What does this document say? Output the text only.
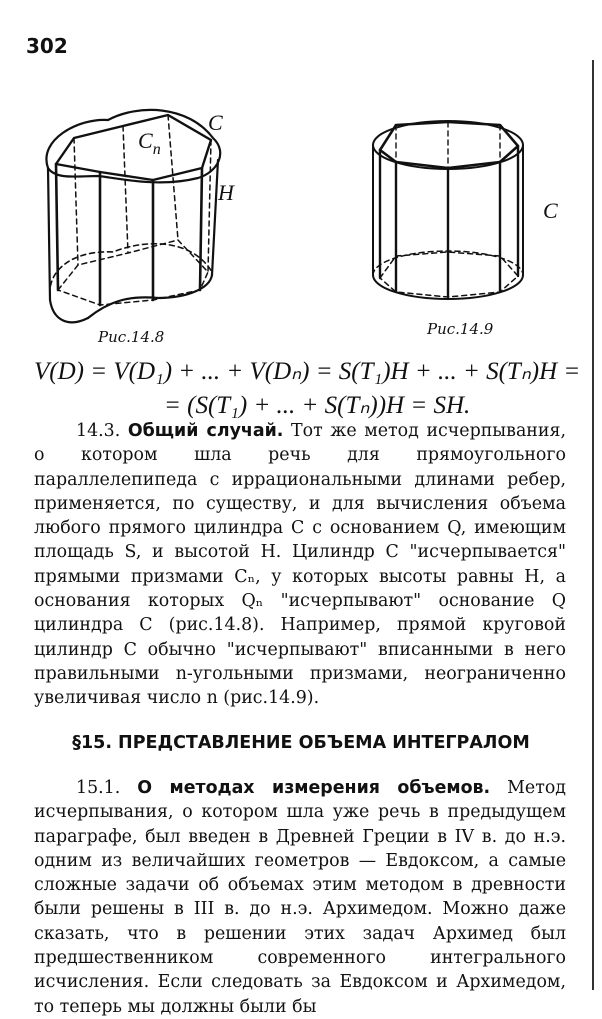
302
$C_n$
C
H
Рис.14.8
C
Рис.14.9
V(D) = V(D₁) + ... + V(Dₙ) = S(T₁)H + ... + S(Tₙ)H =
= (S(T₁) + ... + S(Tₙ))H = SH.
14.3. Общий случай. Тот же метод исчерпывания, о котором шла речь для прямоугольного параллелепипеда с иррациональными длинами ребер, применяется, по существу, и для вычисления объема любого прямого цилиндра C с основанием Q, имеющим площадь S, и высотой H. Цилиндр C "исчерпывается" прямыми призмами Cₙ, у которых высоты равны H, а основания которых Qₙ "исчерпывают" основание Q цилиндра C (рис.14.8). Например, прямой круговой цилиндр C обычно "исчерпывают" вписанными в него правильными n-угольными призмами, неограниченно увеличивая число n (рис.14.9).
§15. ПРЕДСТАВЛЕНИЕ ОБЪЕМА ИНТЕГРАЛОМ
15.1. О методах измерения объемов. Метод исчерпывания, о котором шла уже речь в предыдущем параграфе, был введен в Древней Греции в IV в. до н.э. одним из величайших геометров — Евдоксом, а самые сложные задачи об объемах этим методом в древности были решены в III в. до н.э. Архимедом. Можно даже сказать, что в решении этих задач Архимед был предшественником современного интегрального исчисления. Если следовать за Евдоксом и Архимедом, то теперь мы должны были бы
